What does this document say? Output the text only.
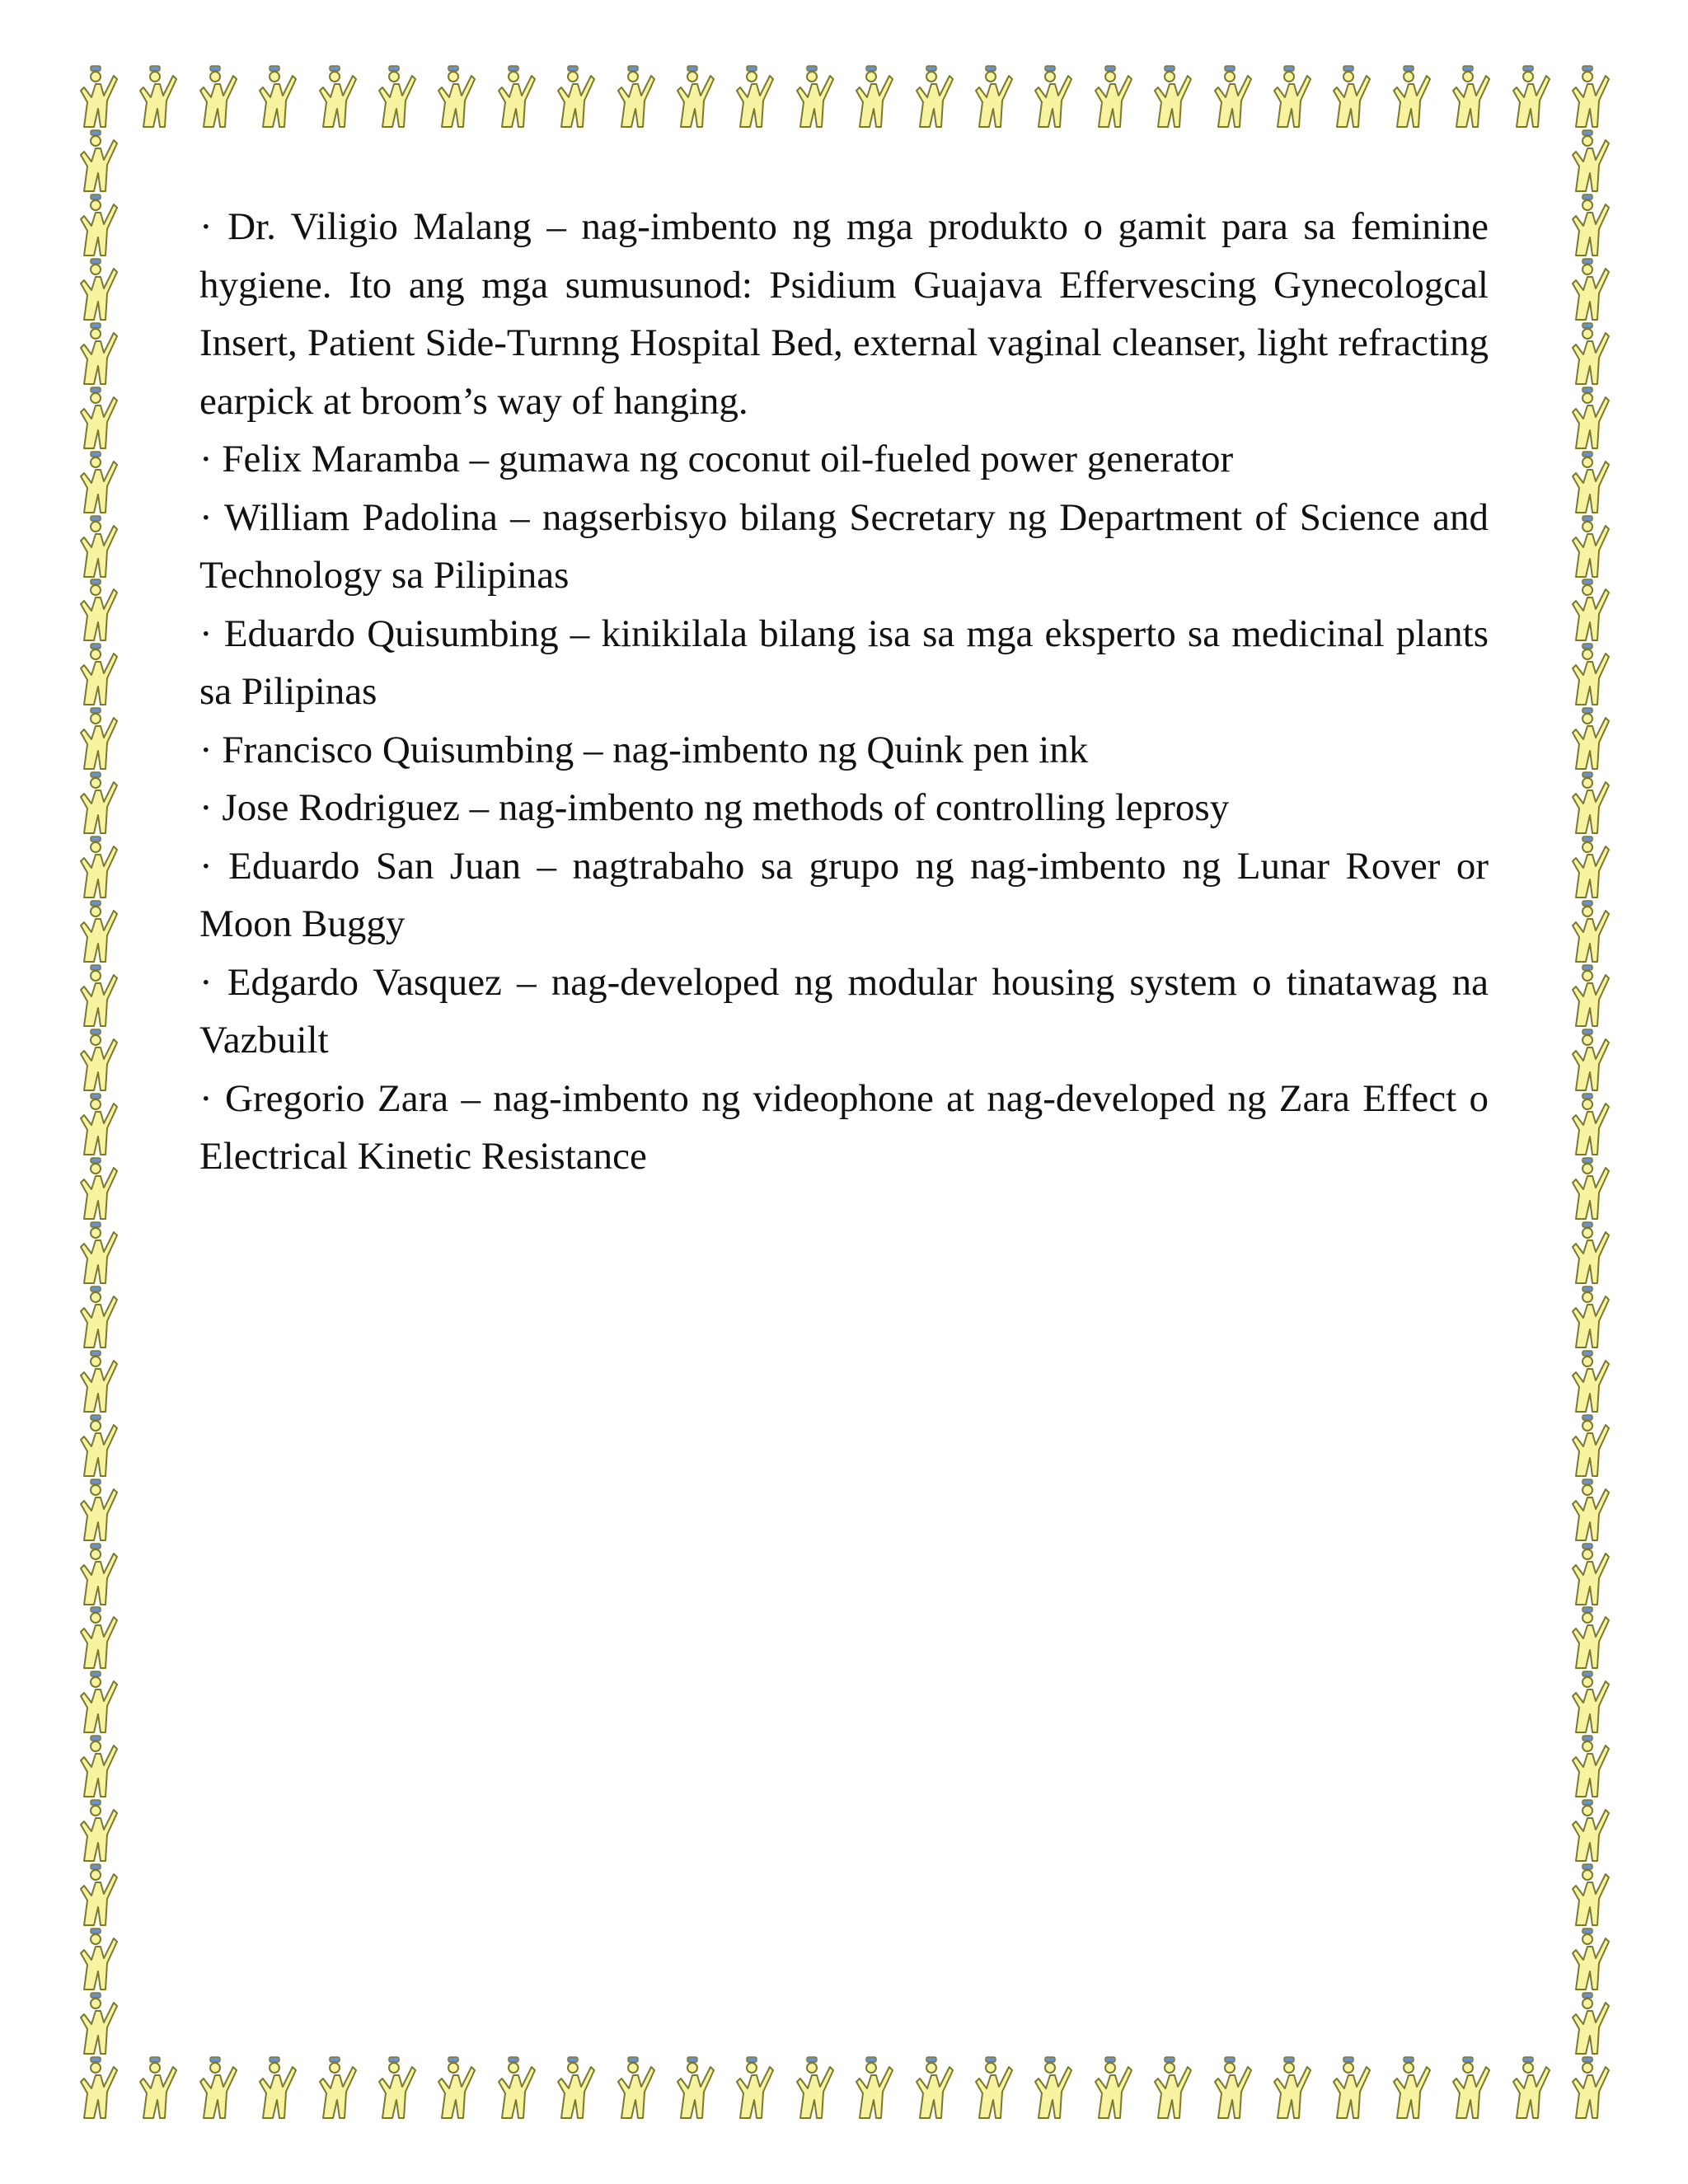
· Dr. Viligio Malang – nag-imbento ng mga produkto o gamit para sa feminine hygiene. Ito ang mga sumusunod: Psidium Guajava Effervescing Gynecologcal Insert, Patient Side-Turnng Hospital Bed, external vaginal cleanser, light refracting earpick at broom’s way of hanging.

· Felix Maramba – gumawa ng coconut oil-fueled power generator

· William Padolina – nagserbisyo bilang Secretary ng Department of Science and Technology sa Pilipinas

· Eduardo Quisumbing – kinikilala bilang isa sa mga eksperto sa medicinal plants sa Pilipinas

· Francisco Quisumbing – nag-imbento ng Quink pen ink

· Jose Rodriguez – nag-imbento ng methods of controlling leprosy

· Eduardo San Juan – nagtrabaho sa grupo ng nag-imbento ng Lunar Rover or Moon Buggy

· Edgardo Vasquez – nag-developed ng modular housing system o tinatawag na Vazbuilt

· Gregorio Zara – nag-imbento ng videophone at nag-developed ng Zara Effect o Electrical Kinetic Resistance
